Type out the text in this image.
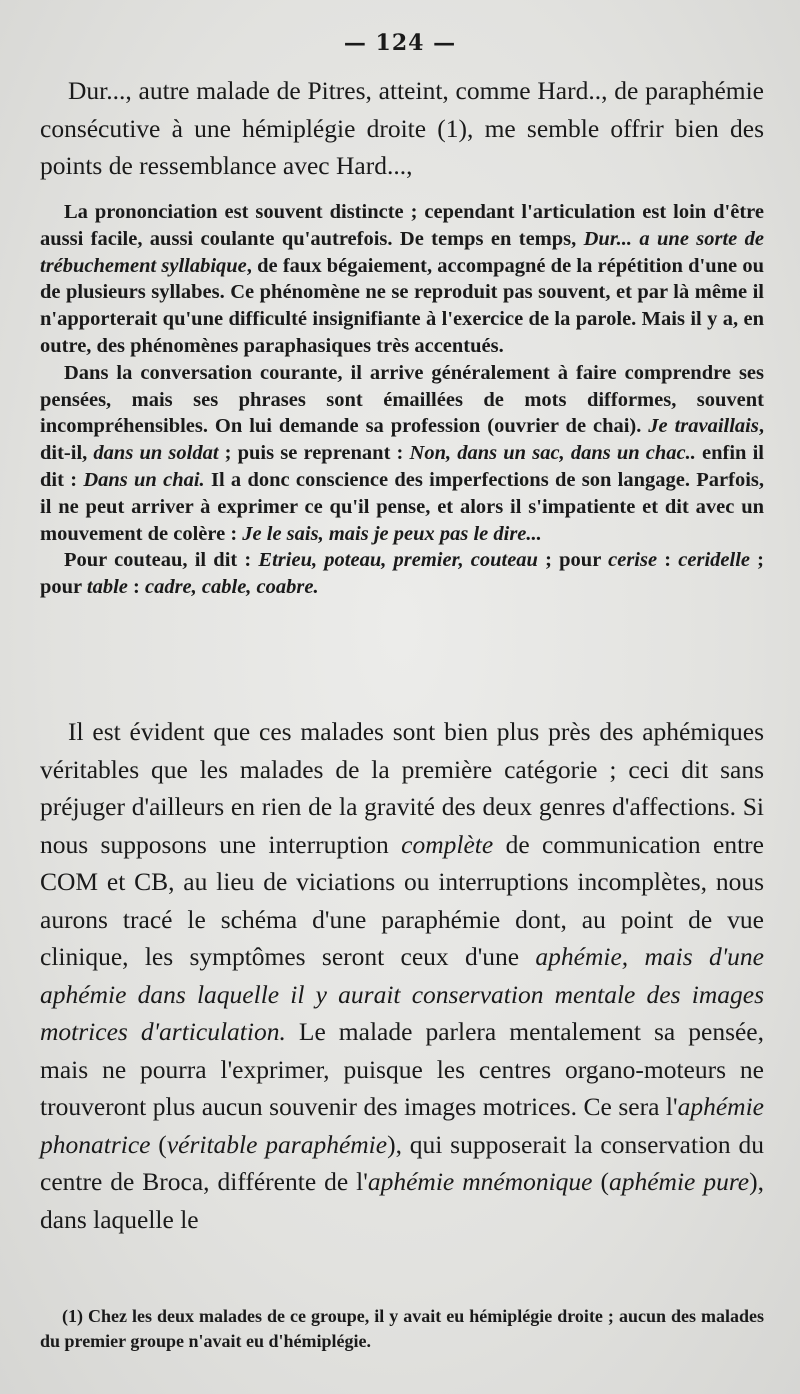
— 124 —

Dur..., autre malade de Pitres, atteint, comme Hard.., de paraphémie consécutive à une hémiplégie droite (1), me semble offrir bien des points de ressemblance avec Hard...,

La prononciation est souvent distincte ; cependant l'articulation est loin d'être aussi facile, aussi coulante qu'autrefois. De temps en temps, Dur... a une sorte de trébuchement syllabique, de faux bégaiement, accompagné de la répétition d'une ou de plusieurs syllabes. Ce phénomène ne se reproduit pas souvent, et par là même il n'apporterait qu'une difficulté insignifiante à l'exercice de la parole. Mais il y a, en outre, des phénomènes paraphasiques très accentués.

Dans la conversation courante, il arrive généralement à faire comprendre ses pensées, mais ses phrases sont émaillées de mots difformes, souvent incompréhensibles. On lui demande sa profession (ouvrier de chai). Je travaillais, dit-il, dans un soldat ; puis se reprenant : Non, dans un sac, dans un chac.. enfin il dit : Dans un chai. Il a donc conscience des imperfections de son langage. Parfois, il ne peut arriver à exprimer ce qu'il pense, et alors il s'impatiente et dit avec un mouvement de colère : Je le sais, mais je peux pas le dire...

Pour couteau, il dit : Etrieu, poteau, premier, couteau ; pour cerise : ceridelle ; pour table : cadre, cable, coabre.

Il est évident que ces malades sont bien plus près des aphémiques véritables que les malades de la première catégorie ; ceci dit sans préjuger d'ailleurs en rien de la gravité des deux genres d'affections. Si nous supposons une interruption complète de communication entre COM et CB, au lieu de viciations ou interruptions incomplètes, nous aurons tracé le schéma d'une paraphémie dont, au point de vue clinique, les symptômes seront ceux d'une aphémie, mais d'une aphémie dans laquelle il y aurait conservation mentale des images motrices d'articulation. Le malade parlera mentalement sa pensée, mais ne pourra l'exprimer, puisque les centres organo-moteurs ne trouveront plus aucun souvenir des images motrices. Ce sera l'aphémie phonatrice (véritable paraphémie), qui supposerait la conservation du centre de Broca, différente de l'aphémie mnémonique (aphémie pure), dans laquelle le

(1) Chez les deux malades de ce groupe, il y avait eu hémiplégie droite ; aucun des malades du premier groupe n'avait eu d'hémiplégie.
